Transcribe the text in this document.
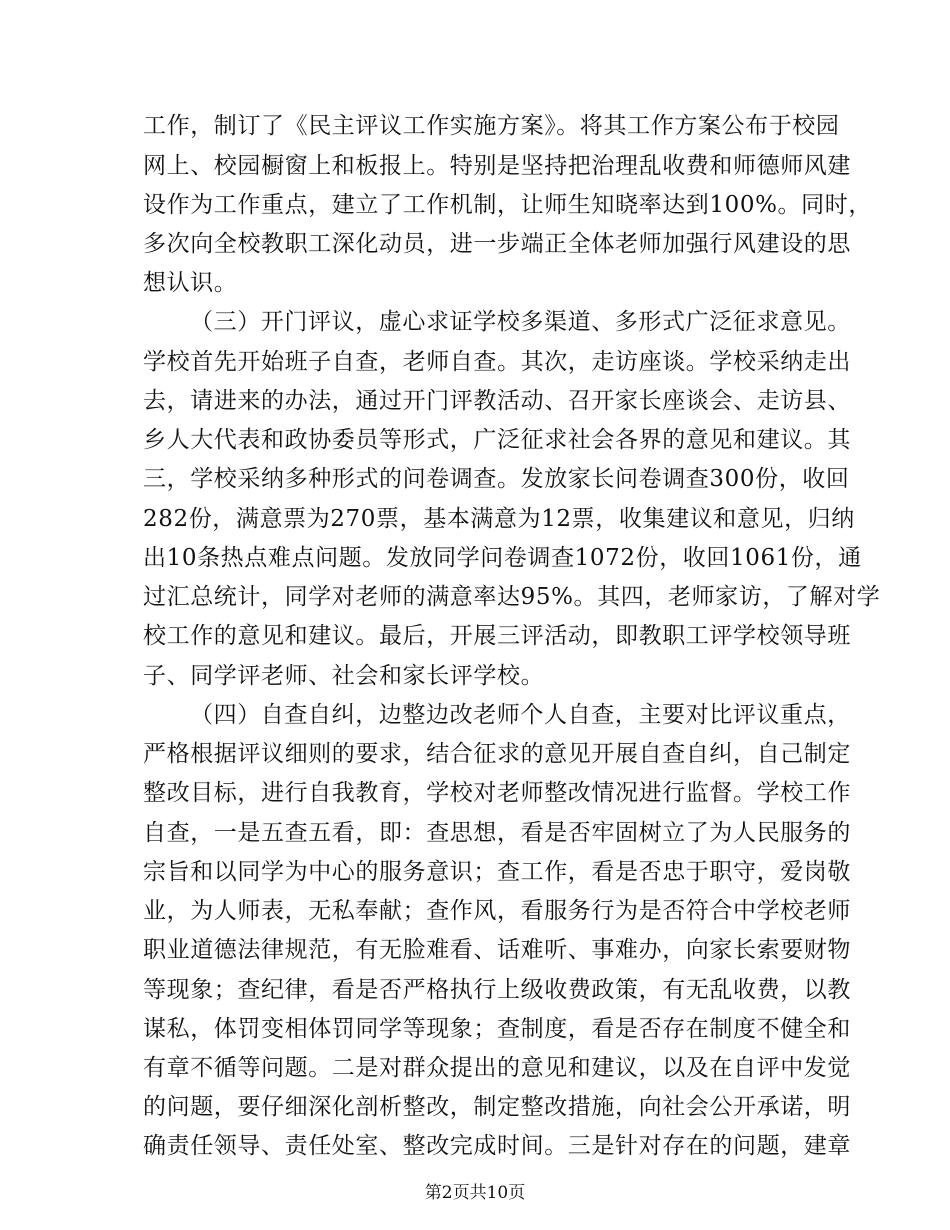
工作，制订了《民主评议工作实施方案》。将其工作方案公布于校园
网上、校园橱窗上和板报上。特别是坚持把治理乱收费和师德师风建
设作为工作重点，建立了工作机制，让师生知晓率达到100%。同时，
多次向全校教职工深化动员，进一步端正全体老师加强行风建设的思
想认识。
（三）开门评议，虚心求证学校多渠道、多形式广泛征求意见。
学校首先开始班子自查，老师自查。其次，走访座谈。学校采纳走出
去，请进来的办法，通过开门评教活动、召开家长座谈会、走访县、
乡人大代表和政协委员等形式，广泛征求社会各界的意见和建议。其
三，学校采纳多种形式的问卷调查。发放家长问卷调查300份，收回
282份，满意票为270票，基本满意为12票，收集建议和意见，归纳
出10条热点难点问题。发放同学问卷调查1072份，收回1061份，通
过汇总统计，同学对老师的满意率达95%。其四，老师家访，了解对学
校工作的意见和建议。最后，开展三评活动，即教职工评学校领导班
子、同学评老师、社会和家长评学校。
（四）自查自纠，边整边改老师个人自查，主要对比评议重点，
严格根据评议细则的要求，结合征求的意见开展自查自纠，自己制定
整改目标，进行自我教育，学校对老师整改情况进行监督。学校工作
自查，一是五查五看，即：查思想，看是否牢固树立了为人民服务的
宗旨和以同学为中心的服务意识；查工作，看是否忠于职守，爱岗敬
业，为人师表，无私奉献；查作风，看服务行为是否符合中学校老师
职业道德法律规范，有无脸难看、话难听、事难办，向家长索要财物
等现象；查纪律，看是否严格执行上级收费政策，有无乱收费，以教
谋私，体罚变相体罚同学等现象；查制度，看是否存在制度不健全和
有章不循等问题。二是对群众提出的意见和建议，以及在自评中发觉
的问题，要仔细深化剖析整改，制定整改措施，向社会公开承诺，明
确责任领导、责任处室、整改完成时间。三是针对存在的问题，建章
第2页共10页
